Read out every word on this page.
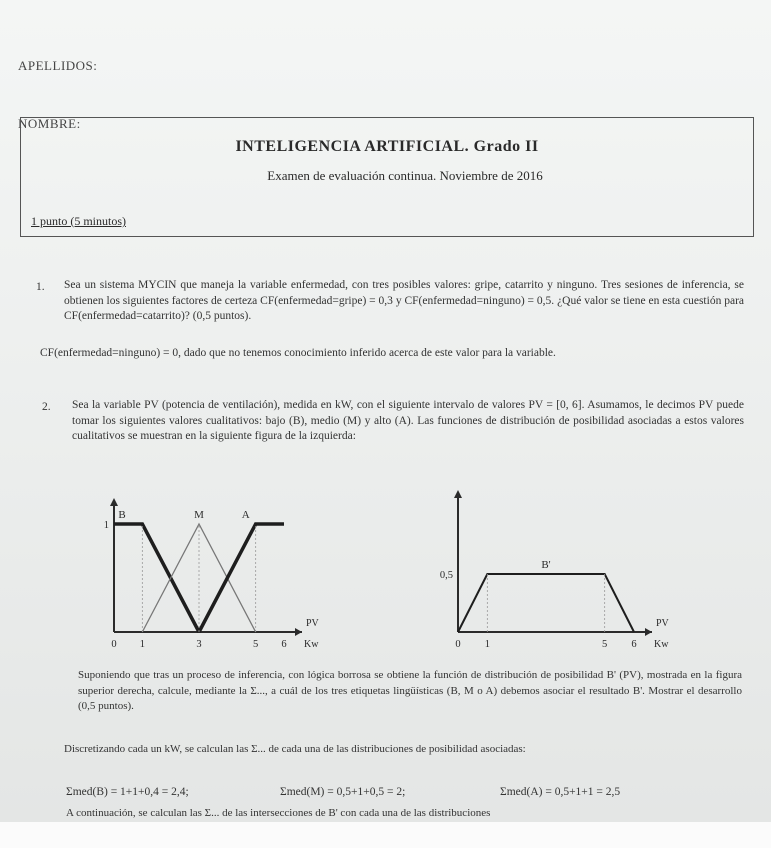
APELLIDOS:
NOMBRE:
INTELIGENCIA ARTIFICIAL. Grado II
Examen de evaluación continua. Noviembre de 2016
1 punto (5 minutos)
1. Sea un sistema MYCIN que maneja la variable enfermedad, con tres posibles valores: gripe, catarrito y ninguno. Tres sesiones de inferencia, se obtienen los siguientes factores de certeza CF(enfermedad=gripe) = 0,3 y CF(enfermedad=ninguno) = 0,5. ¿Qué valor se tiene en esta cuestión para CF(enfermedad=catarrito)? (0,5 puntos).
CF(enfermedad=ninguno) = 0, dado que no tenemos conocimiento inferido acerca de este valor para la variable.
2. Sea la variable PV (potencia de ventilación), medida en kW, con el siguiente intervalo de valores PV = [0, 6]. Asumamos, le decimos PV puede tomar los siguientes valores cualitativos: bajo (B), medio (M) y alto (A). Las funciones de distribución de posibilidad asociadas a estos valores cualitativos se muestran en la siguiente figura de la izquierda:
B	M	A
0 1	3	5 6
1
PV
Kw
B'
0 1	5 6
0,5
PV
Kw
Suponiendo que tras un proceso de inferencia, con lógica borrosa se obtiene la función de distribución de posibilidad B' (PV), mostrada en la figura superior derecha, calcule, mediante la Σ..., a cuál de los tres etiquetas lingüísticas (B, M o A) debemos asociar el resultado B'. Mostrar el desarrollo (0,5 puntos).
Discretizando cada un kW, se calculan las Σ... de cada una de las distribuciones de posibilidad asociadas:
Σmed(B) = 1+1+0,4 = 2,4;	Σmed(M) = 0,5+1+0,5 = 2;	Σmed(A) = 0,5+1+1 = 2,5
A continuación, se calculan las Σ... de las intersecciones de B' con cada una de las distribuciones
